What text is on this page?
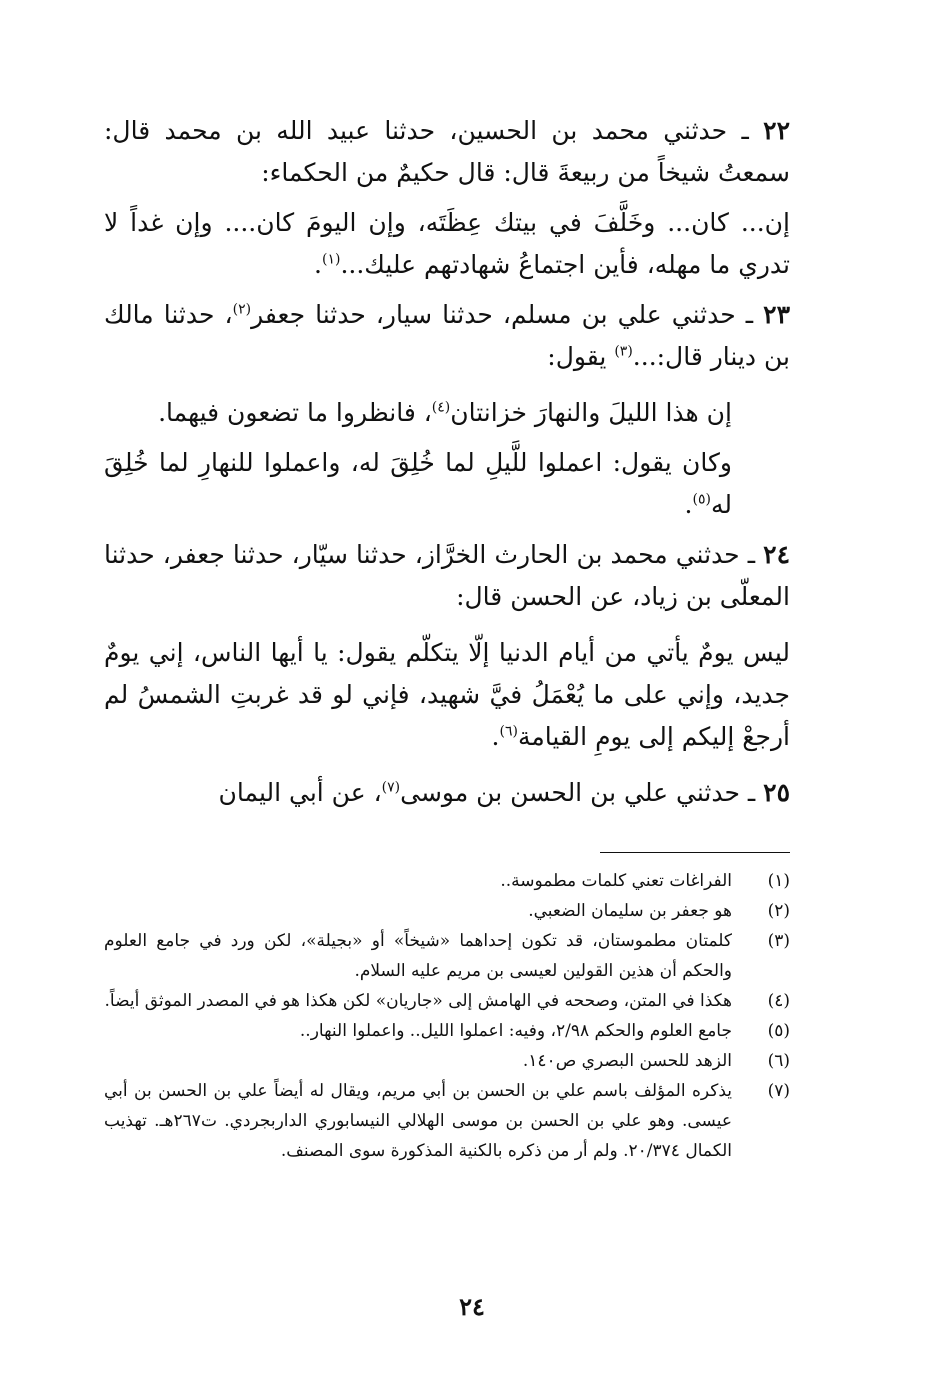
٢٢ ـ حدثني محمد بن الحسين، حدثنا عبيد الله بن محمد قال: سمعتُ شيخاً من ربيعةَ قال: قال حكيمٌ من الحكماء:

إن... كان... وخَلَّفَ في بيتك عِظَتَه، وإن اليومَ كان.... وإن غداً لا تدري ما مهله، فأين اجتماعُ شهادتهم عليك...$^{(١)}$.

٢٣ ـ حدثني علي بن مسلم، حدثنا سيار، حدثنا جعفر$^{(٢)}$، حدثنا مالك بن دينار قال:...$^{(٣)}$ يقول:

إن هذا الليلَ والنهارَ خزانتان$^{(٤)}$، فانظروا ما تضعون فيهما.

وكان يقول: اعملوا للَّيلِ لما خُلِقَ له، واعملوا للنهارِ لما خُلِقَ له$^{(٥)}$.

٢٤ ـ حدثني محمد بن الحارث الخرَّاز، حدثنا سيّار، حدثنا جعفر، حدثنا المعلّى بن زياد، عن الحسن قال:

ليس يومٌ يأتي من أيام الدنيا إلّا يتكلّم يقول: يا أيها الناس، إني يومٌ جديد، وإني على ما يُعْمَلُ فيَّ شهيد، فإني لو قد غربتِ الشمسُ لم أرجعْ إليكم إلى يومِ القيامة$^{(٦)}$.

٢٥ ـ حدثني علي بن الحسن بن موسى$^{(٧)}$، عن أبي اليمان

(١)
الفراغات تعني كلمات مطموسة..
(٢)
هو جعفر بن سليمان الضعبي.
(٣)
كلمتان مطموستان، قد تكون إحداهما «شيخاً» أو «بجيلة»، لكن ورد في جامع العلوم والحكم أن هذين القولين لعيسى بن مريم عليه السلام.
(٤)
هكذا في المتن، وصححه في الهامش إلى «جاريان» لكن هكذا هو في المصدر الموثق أيضاً.
(٥)
جامع العلوم والحكم ٢/٩٨، وفيه: اعملوا الليل.. واعملوا النهار..
(٦)
الزهد للحسن البصري ص١٤٠.
(٧)
يذكره المؤلف باسم علي بن الحسن بن أبي مريم، ويقال له أيضاً علي بن الحسن بن أبي عيسى. وهو علي بن الحسن بن موسى الهلالي النيسابوري الداربجردي. ت٢٦٧هـ. تهذيب الكمال ٢٠/٣٧٤. ولم أر من ذكره بالكنية المذكورة سوى المصنف.
٢٤
